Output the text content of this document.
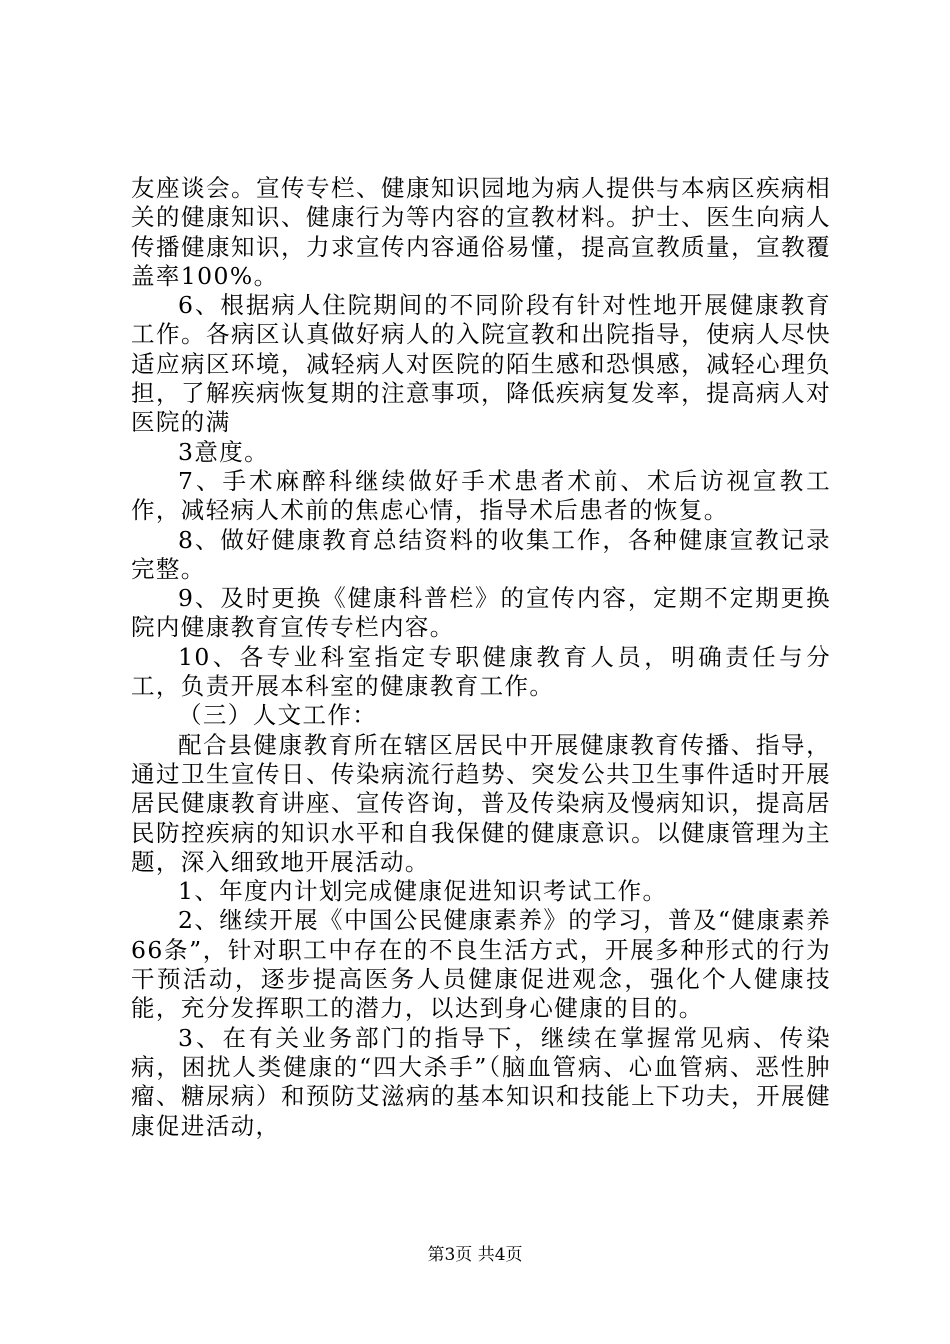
友座谈会。宣传专栏、健康知识园地为病人提供与本病区疾病相关的健康知识、健康行为等内容的宣教材料。护士、医生向病人传播健康知识，力求宣传内容通俗易懂，提高宣教质量，宣教覆盖率100%。

6、根据病人住院期间的不同阶段有针对性地开展健康教育工作。各病区认真做好病人的入院宣教和出院指导，使病人尽快适应病区环境，减轻病人对医院的陌生感和恐惧感，减轻心理负担，了解疾病恢复期的注意事项，降低疾病复发率，提高病人对医院的满

3意度。

7、手术麻醉科继续做好手术患者术前、术后访视宣教工作，减轻病人术前的焦虑心情，指导术后患者的恢复。

8、做好健康教育总结资料的收集工作，各种健康宣教记录完整。

9、及时更换《健康科普栏》的宣传内容，定期不定期更换院内健康教育宣传专栏内容。

10、各专业科室指定专职健康教育人员，明确责任与分工，负责开展本科室的健康教育工作。

（三）人文工作：

配合县健康教育所在辖区居民中开展健康教育传播、指导，通过卫生宣传日、传染病流行趋势、突发公共卫生事件适时开展居民健康教育讲座、宣传咨询，普及传染病及慢病知识，提高居民防控疾病的知识水平和自我保健的健康意识。以健康管理为主题，深入细致地开展活动。

1、年度内计划完成健康促进知识考试工作。

2、继续开展《中国公民健康素养》的学习，普及“健康素养66条”，针对职工中存在的不良生活方式，开展多种形式的行为干预活动，逐步提高医务人员健康促进观念，强化个人健康技能，充分发挥职工的潜力，以达到身心健康的目的。

3、在有关业务部门的指导下，继续在掌握常见病、传染病，困扰人类健康的“四大杀手”（脑血管病、心血管病、恶性肿瘤、糖尿病）和预防艾滋病的基本知识和技能上下功夫，开展健康促进活动，

第3页 共4页
